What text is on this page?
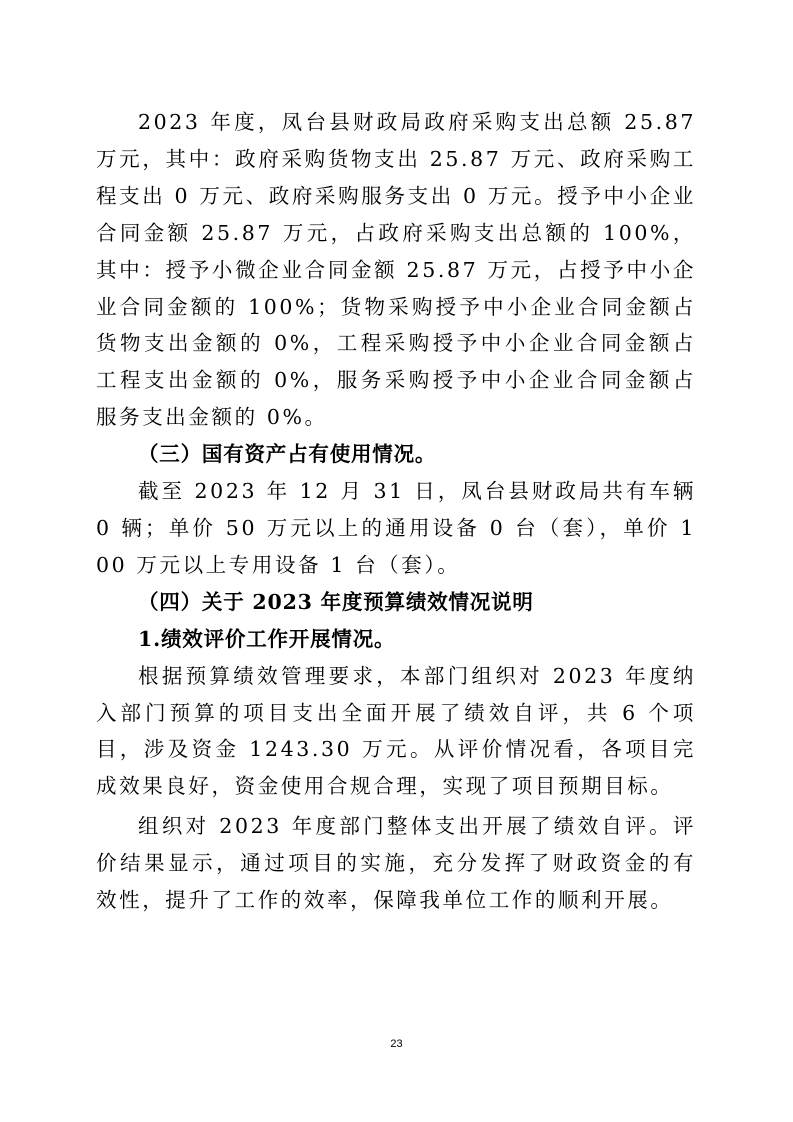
2023 年度，凤台县财政局政府采购支出总额 25.87 万元，其中：政府采购货物支出 25.87 万元、政府采购工程支出 0 万元、政府采购服务支出 0 万元。授予中小企业合同金额 25.87 万元，占政府采购支出总额的 100%，其中：授予小微企业合同金额 25.87 万元，占授予中小企业合同金额的 100%；货物采购授予中小企业合同金额占货物支出金额的 0%，工程采购授予中小企业合同金额占工程支出金额的 0%，服务采购授予中小企业合同金额占服务支出金额的 0%。

（三）国有资产占有使用情况。

截至 2023 年 12 月 31 日，凤台县财政局共有车辆 0 辆；单价 50 万元以上的通用设备 0 台（套），单价 100 万元以上专用设备 1 台（套）。

（四）关于 2023 年度预算绩效情况说明

1.绩效评价工作开展情况。

根据预算绩效管理要求，本部门组织对 2023 年度纳入部门预算的项目支出全面开展了绩效自评，共 6 个项目，涉及资金 1243.30 万元。从评价情况看，各项目完成效果良好，资金使用合规合理，实现了项目预期目标。

组织对 2023 年度部门整体支出开展了绩效自评。评价结果显示，通过项目的实施，充分发挥了财政资金的有效性，提升了工作的效率，保障我单位工作的顺利开展。

23
